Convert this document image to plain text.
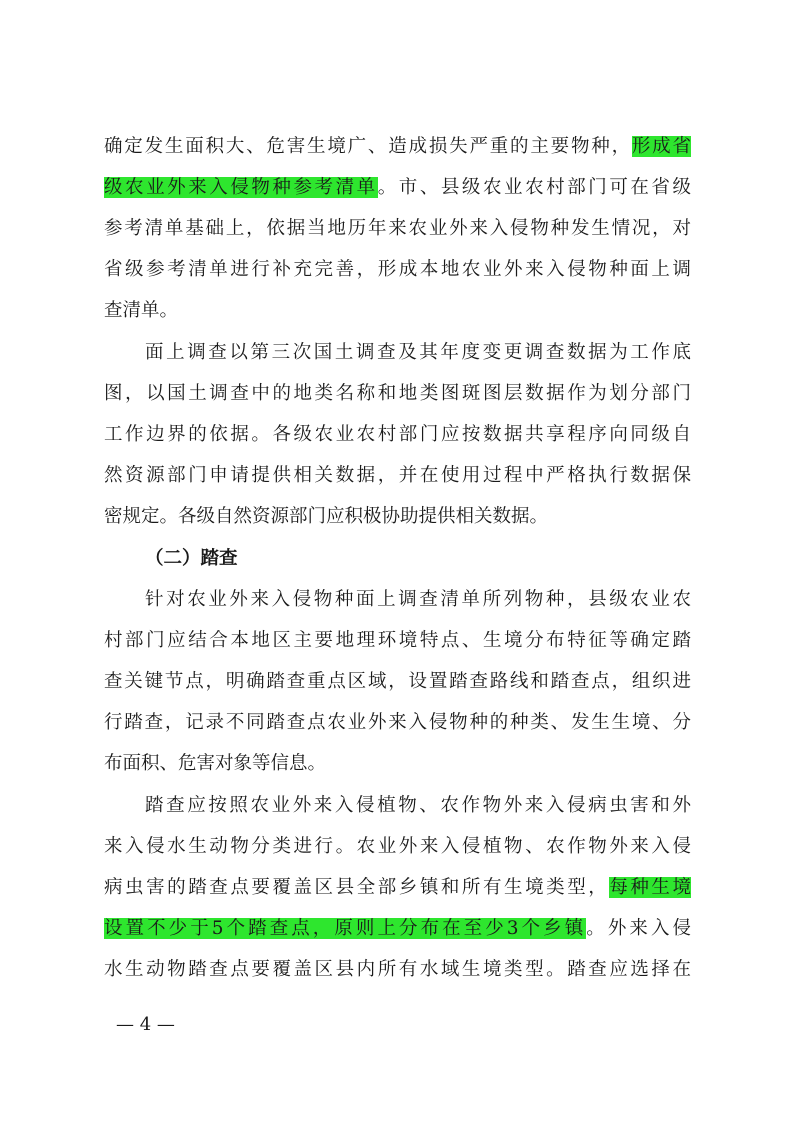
确定发生面积大、危害生境广、造成损失严重的主要物种，形成省
级农业外来入侵物种参考清单。市、县级农业农村部门可在省级
参考清单基础上，依据当地历年来农业外来入侵物种发生情况，对
省级参考清单进行补充完善，形成本地农业外来入侵物种面上调
查清单。
面上调查以第三次国土调查及其年度变更调查数据为工作底
图，以国土调查中的地类名称和地类图斑图层数据作为划分部门
工作边界的依据。各级农业农村部门应按数据共享程序向同级自
然资源部门申请提供相关数据，并在使用过程中严格执行数据保
密规定。各级自然资源部门应积极协助提供相关数据。
（二）踏查
针对农业外来入侵物种面上调查清单所列物种，县级农业农
村部门应结合本地区主要地理环境特点、生境分布特征等确定踏
查关键节点，明确踏查重点区域，设置踏查路线和踏查点，组织进
行踏查，记录不同踏查点农业外来入侵物种的种类、发生生境、分
布面积、危害对象等信息。
踏查应按照农业外来入侵植物、农作物外来入侵病虫害和外
来入侵水生动物分类进行。农业外来入侵植物、农作物外来入侵
病虫害的踏查点要覆盖区县全部乡镇和所有生境类型，每种生境
设置不少于5个踏查点，原则上分布在至少3个乡镇。外来入侵
水生动物踏查点要覆盖区县内所有水域生境类型。踏查应选择在
— 4 —
